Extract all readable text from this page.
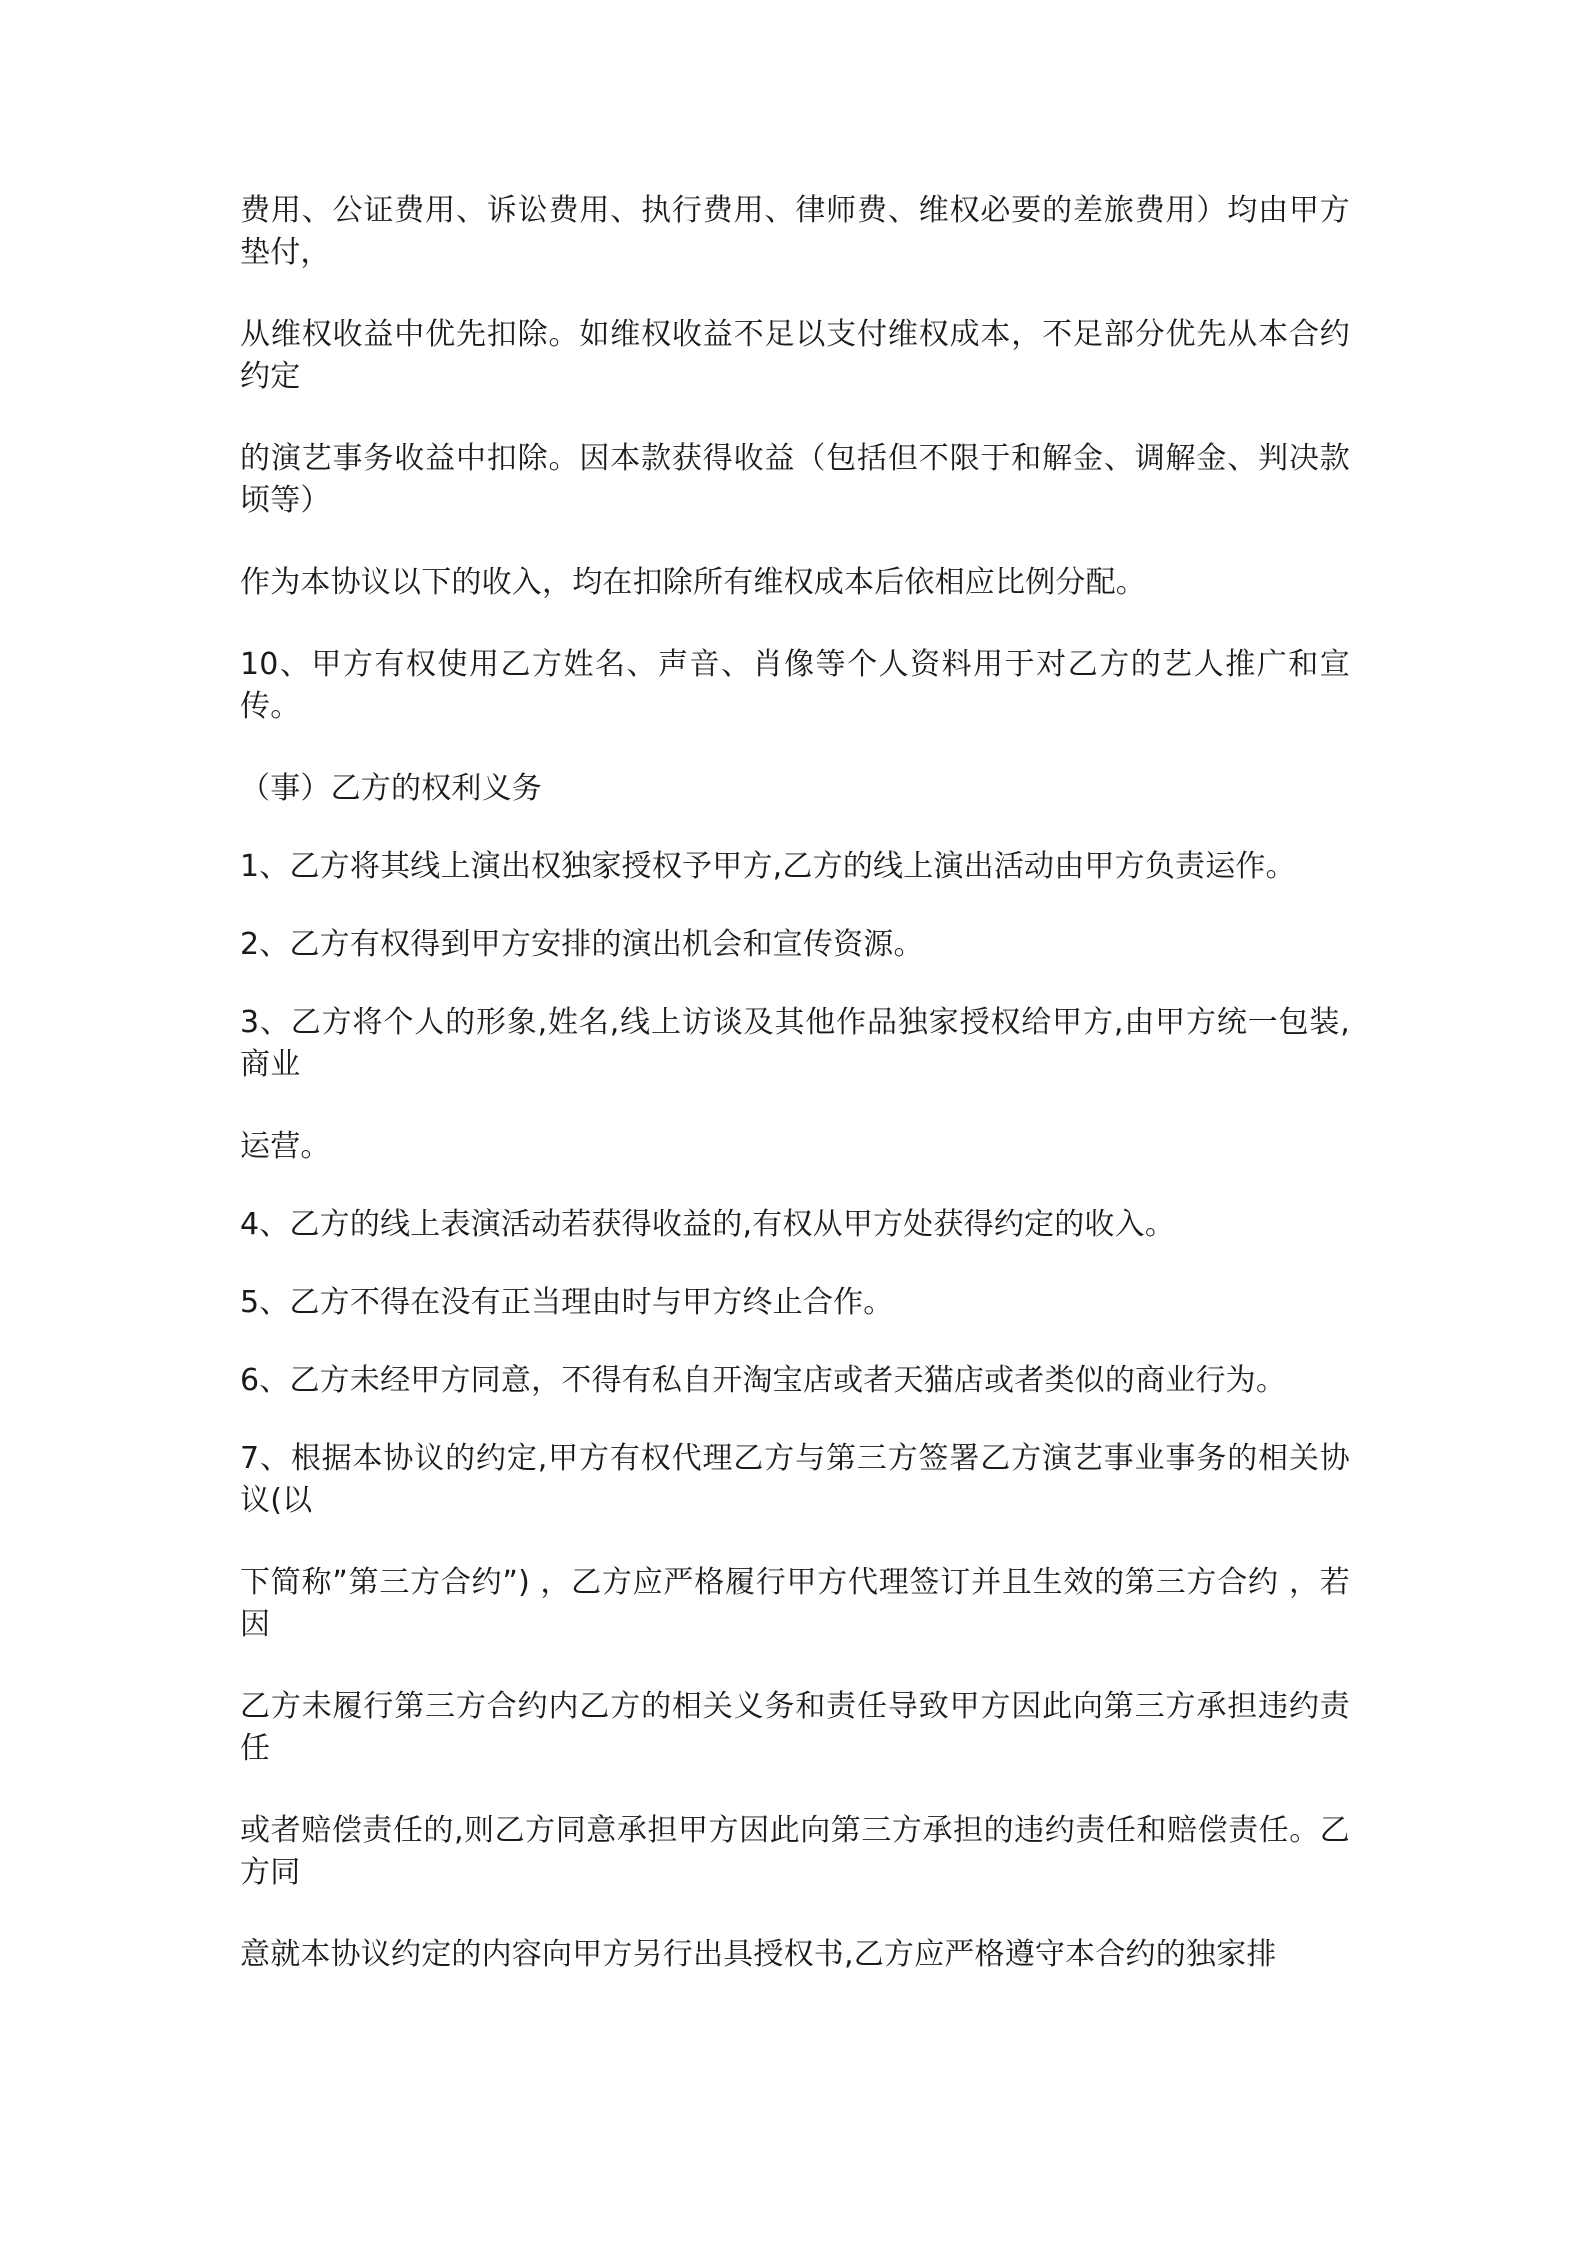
费用、公证费用、诉讼费用、执行费用、律师费、维权必要的差旅费用）均由甲方垫付，

从维权收益中优先扣除。如维权收益不足以支付维权成本，不足部分优先从本合约约定

的演艺事务收益中扣除。因本款获得收益（包括但不限于和解金、调解金、判决款顷等）

作为本协议以下的收入，均在扣除所有维权成本后依相应比例分配。

10、甲方有权使用乙方姓名、声音、肖像等个人资料用于对乙方的艺人推广和宣传。

（事）乙方的权利义务

1、乙方将其线上演出权独家授权予甲方,乙方的线上演出活动由甲方负责运作。

2、乙方有权得到甲方安排的演出机会和宣传资源。

3、乙方将个人的形象,姓名,线上访谈及其他作品独家授权给甲方,由甲方统一包装,商业

运营。

4、乙方的线上表演活动若获得收益的,有权从甲方处获得约定的收入。

5、乙方不得在没有正当理由时与甲方终止合作。

6、乙方未经甲方同意，不得有私自开淘宝店或者天猫店或者类似的商业行为。

7、根据本协议的约定,甲方有权代理乙方与第三方签署乙方演艺事业事务的相关协议(以

下简称”第三方合约”) ，乙方应严格履行甲方代理签订并且生效的第三方合约 ，若因

乙方未履行第三方合约内乙方的相关义务和责任导致甲方因此向第三方承担违约责任

或者赔偿责任的,则乙方同意承担甲方因此向第三方承担的违约责任和赔偿责任。乙方同

意就本协议约定的内容向甲方另行出具授权书,乙方应严格遵守本合约的独家排
